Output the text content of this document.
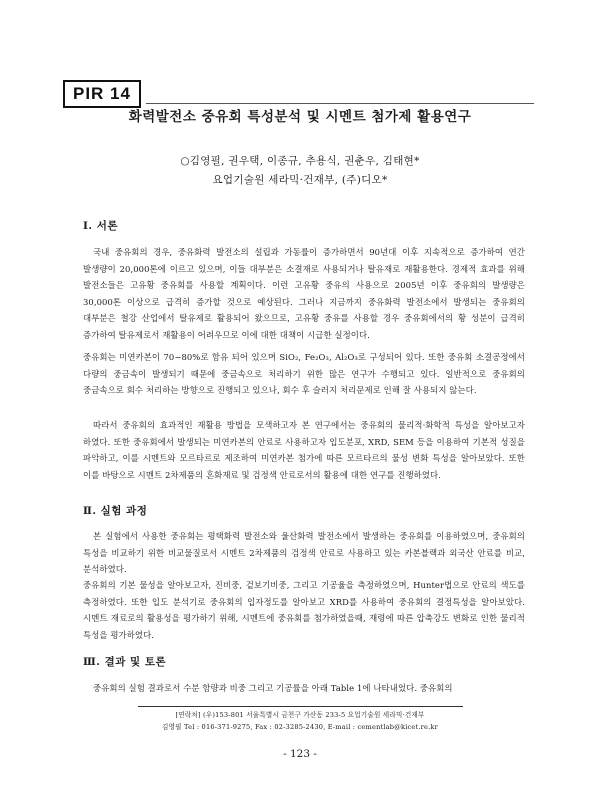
PIR 14
화력발전소 중유회 특성분석 및 시멘트 첨가제 활용연구
○김영필, 권우택, 이종규, 추용식, 권춘우, 김태현*
요업기술원 세라믹·건재부, (주)디오*
Ⅰ. 서론

국내 중유회의 경우, 중유화력 발전소의 설립과 가동률이 증가하면서 90년대 이후 지속적으로 증가하여 연간 발생량이 20,000톤에 이르고 있으며, 이들 대부분은 소결재로 사용되거나 탈유재로 재활용한다. 경제적 효과를 위해 발전소들은 고유황 중유회를 사용할 계획이다. 이런 고유황 중유의 사용으로 2005년 이후 중유회의 발생량은 30,000톤 이상으로 급격히 증가할 것으로 예상된다. 그러나 지금까지 중유화력 발전소에서 발생되는 중유회의 대부분은 철강 산업에서 탈유제로 활용되어 왔으므로, 고유황 중유를 사용할 경우 중유회에서의 황 성분이 급격히 증가하여 탈유제로서 재활용이 어려우므로 이에 대한 대책이 시급한 실정이다.

중유회는 미연카본이 70~80%로 함유 되어 있으며 SiO₂, Fe₂O₃, Al₂O₃로 구성되어 있다. 또한 중유회 소결공정에서 다량의 중금속이 발생되기 때문에 중금속으로 처리하기 위한 많은 연구가 수행되고 있다. 일반적으로 중유회의 중금속으로 회수 처리하는 방향으로 진행되고 있으나, 회수 후 슬러지 처리문제로 인해 잘 사용되지 않는다.

따라서 중유회의 효과적인 재활용 방법을 모색하고자 본 연구에서는 중유회의 물리적·화학적 특성을 알아보고자 하였다. 또한 중유회에서 발생되는 미연카본의 안료로 사용하고자 입도분포, XRD, SEM 등을 이용하여 기본적 성질을 파악하고, 이를 시멘트와 모르타르로 제조하여 미연카본 첨가에 따른 모르타르의 물성 변화 특성을 알아보았다. 또한 이를 바탕으로 시멘트 2차제품의 혼화재료 및 검정색 안료로서의 활용에 대한 연구를 진행하였다.

Ⅱ. 실험 과정

본 실험에서 사용한 중유회는 평택화력 발전소와 울산화력 발전소에서 발생하는 중유회를 이용하였으며, 중유회의 특성을 비교하기 위한 비교물질로서 시멘트 2차제품의 검정색 안료로 사용하고 있는 카본블랙과 외국산 안료를 비교, 분석하였다.

중유회의 기본 물성을 알아보고자, 진비중, 겉보기비중, 그리고 기공율을 측정하였으며, Hunter법으로 안료의 색도를 측정하였다. 또한 입도 분석기로 중유회의 입자정도를 알아보고 XRD를 사용하여 중유회의 결정특성을 알아보았다. 시멘트 재료로의 활용성을 평가하기 위해, 시멘트에 중유회를 첨가하였을때, 재령에 따른 압축강도 변화로 인한 물리적 특성을 평가하였다.

Ⅲ. 결과 및 토론

중유회의 실험 결과로서 수분 함량과 비중 그리고 기공률을 아래 Table 1에 나타내었다. 중유회의

[연락처] (우)153-801 서울특별시 금천구 가산동 233-5 요업기술원 세라믹·건재부
김영필 Tel : 016-371-9275, Fax : 02-3285-2430, E-mail : cementlab@kicet.re.kr
- 123 -
